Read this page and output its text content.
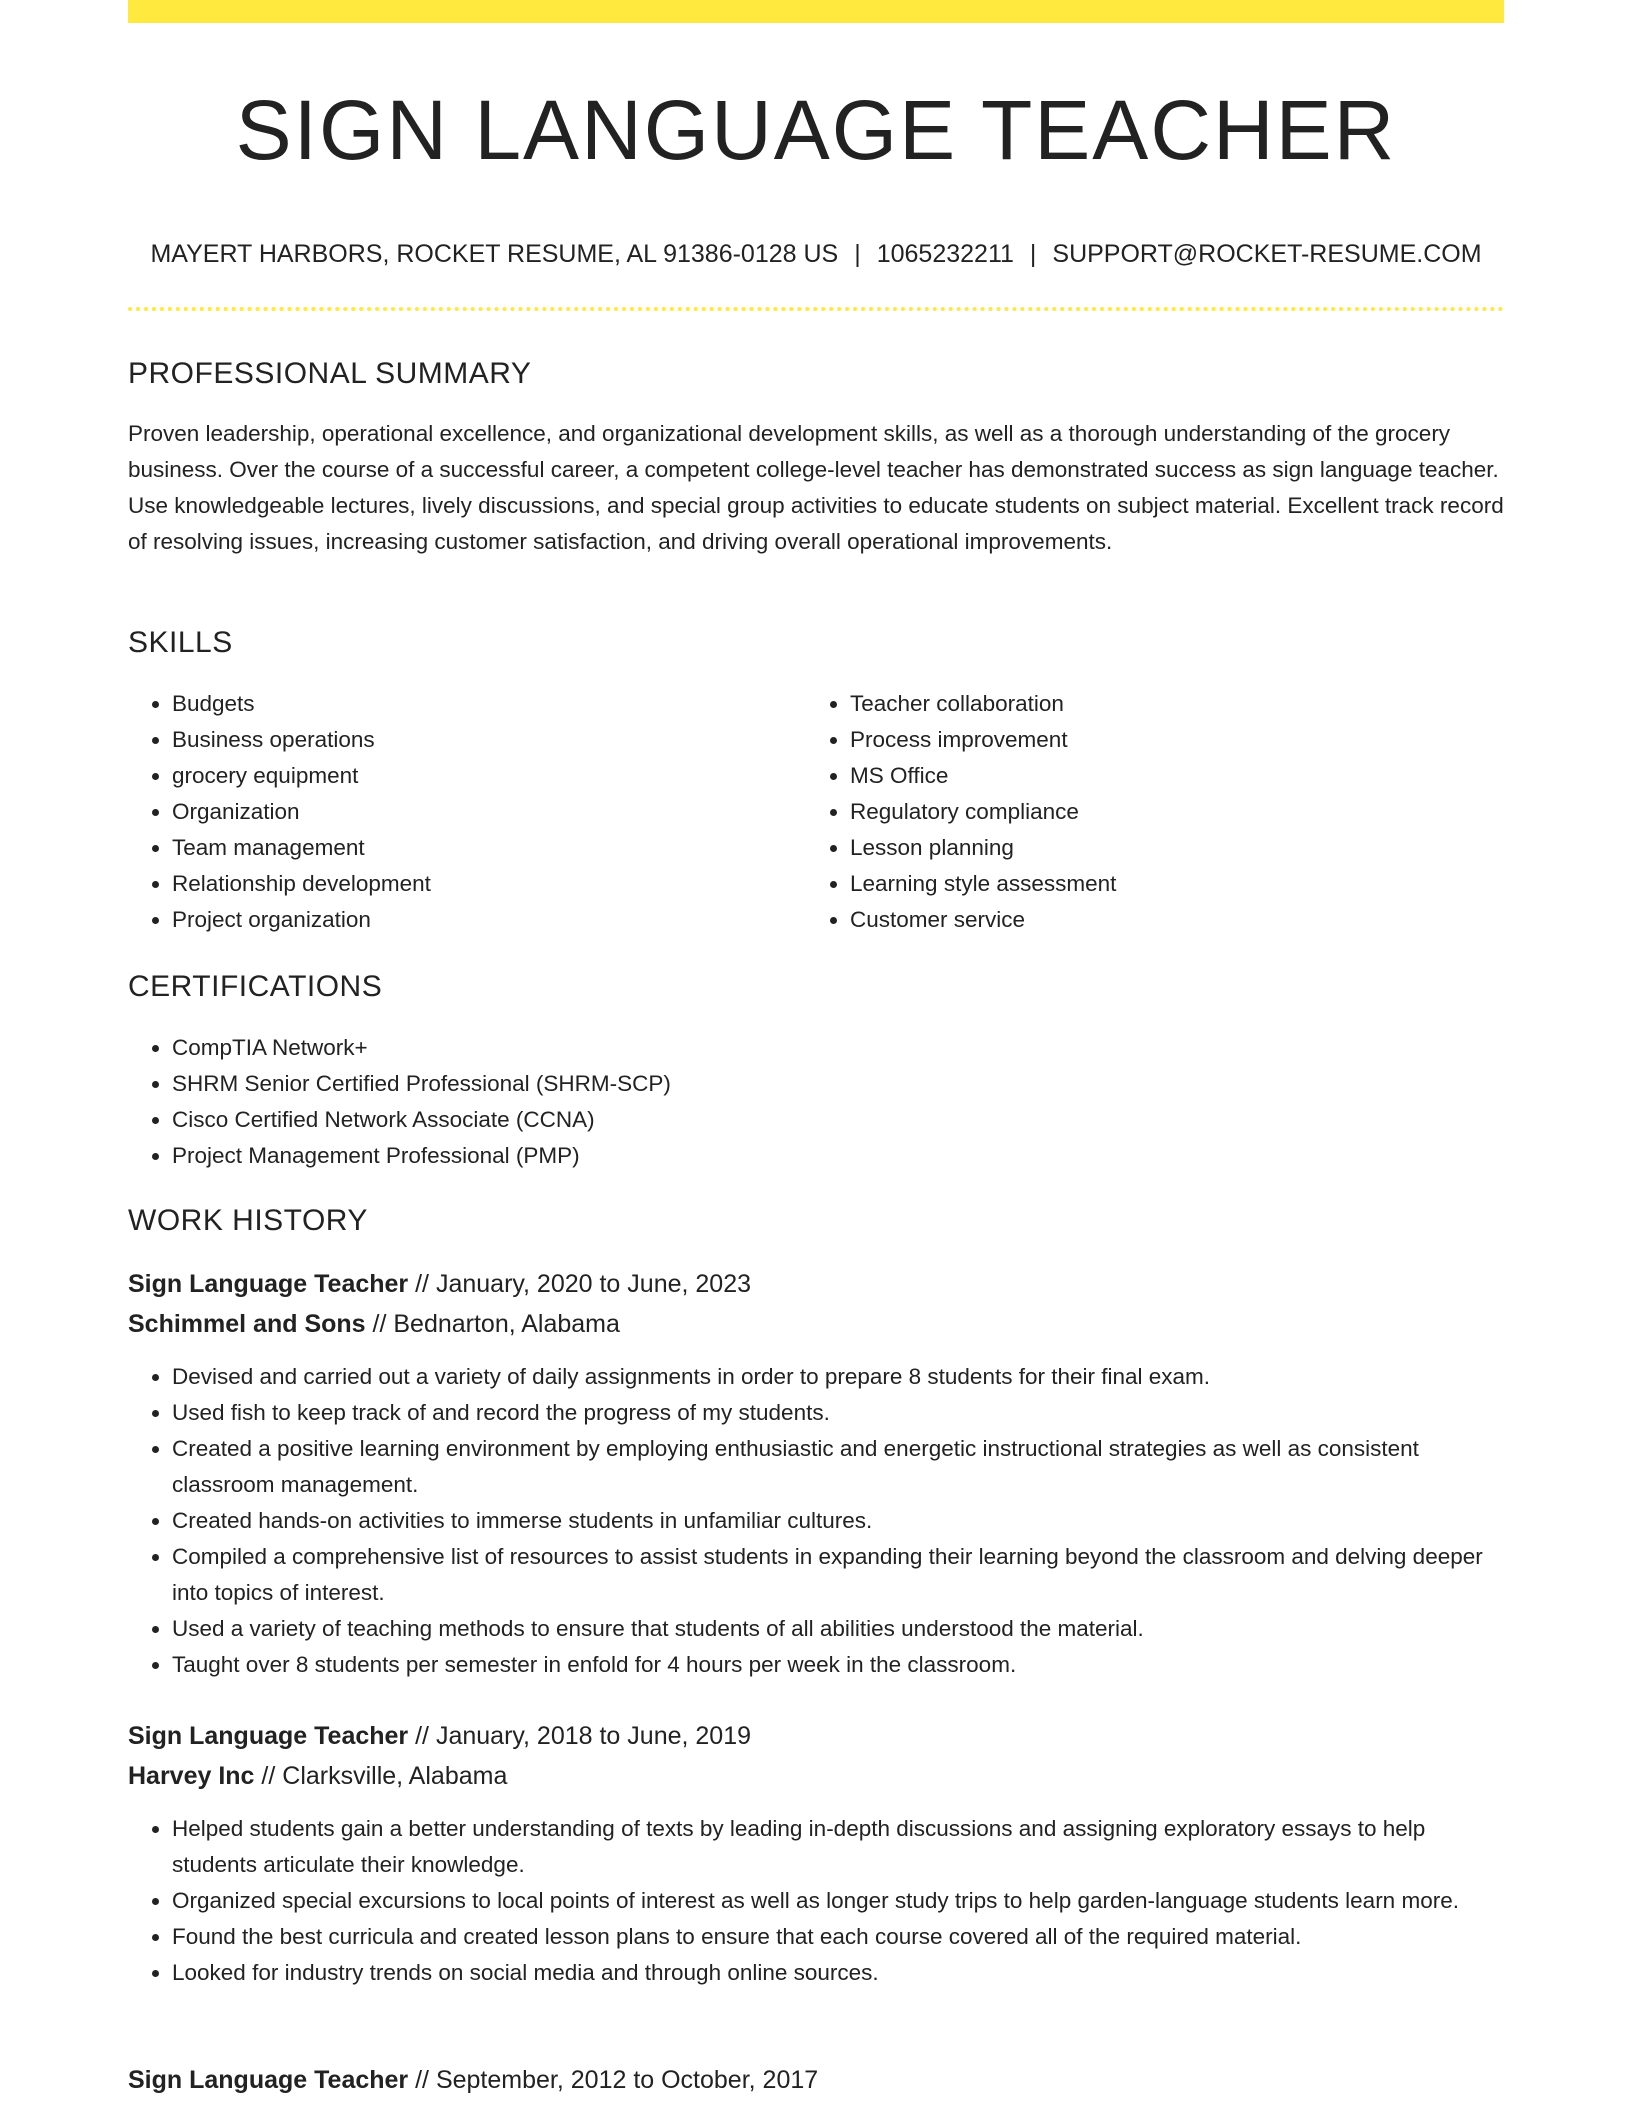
SIGN LANGUAGE TEACHER
MAYERT HARBORS, ROCKET RESUME, AL 91386-0128 US | 1065232211 | SUPPORT@ROCKET-RESUME.COM
PROFESSIONAL SUMMARY
Proven leadership, operational excellence, and organizational development skills, as well as a thorough understanding of the grocery business. Over the course of a successful career, a competent college-level teacher has demonstrated success as sign language teacher. Use knowledgeable lectures, lively discussions, and special group activities to educate students on subject material. Excellent track record of resolving issues, increasing customer satisfaction, and driving overall operational improvements.
SKILLS
• Budgets
• Business operations
• grocery equipment
• Organization
• Team management
• Relationship development
• Project organization
• Teacher collaboration
• Process improvement
• MS Office
• Regulatory compliance
• Lesson planning
• Learning style assessment
• Customer service
CERTIFICATIONS
• CompTIA Network+
• SHRM Senior Certified Professional (SHRM-SCP)
• Cisco Certified Network Associate (CCNA)
• Project Management Professional (PMP)
WORK HISTORY
Sign Language Teacher // January, 2020 to June, 2023
Schimmel and Sons // Bednarton, Alabama
• Devised and carried out a variety of daily assignments in order to prepare 8 students for their final exam.
• Used fish to keep track of and record the progress of my students.
• Created a positive learning environment by employing enthusiastic and energetic instructional strategies as well as consistent classroom management.
• Created hands-on activities to immerse students in unfamiliar cultures.
• Compiled a comprehensive list of resources to assist students in expanding their learning beyond the classroom and delving deeper into topics of interest.
• Used a variety of teaching methods to ensure that students of all abilities understood the material.
• Taught over 8 students per semester in enfold for 4 hours per week in the classroom.
Sign Language Teacher // January, 2018 to June, 2019
Harvey Inc // Clarksville, Alabama
• Helped students gain a better understanding of texts by leading in-depth discussions and assigning exploratory essays to help students articulate their knowledge.
• Organized special excursions to local points of interest as well as longer study trips to help garden-language students learn more.
• Found the best curricula and created lesson plans to ensure that each course covered all of the required material.
• Looked for industry trends on social media and through online sources.
Sign Language Teacher // September, 2012 to October, 2017
